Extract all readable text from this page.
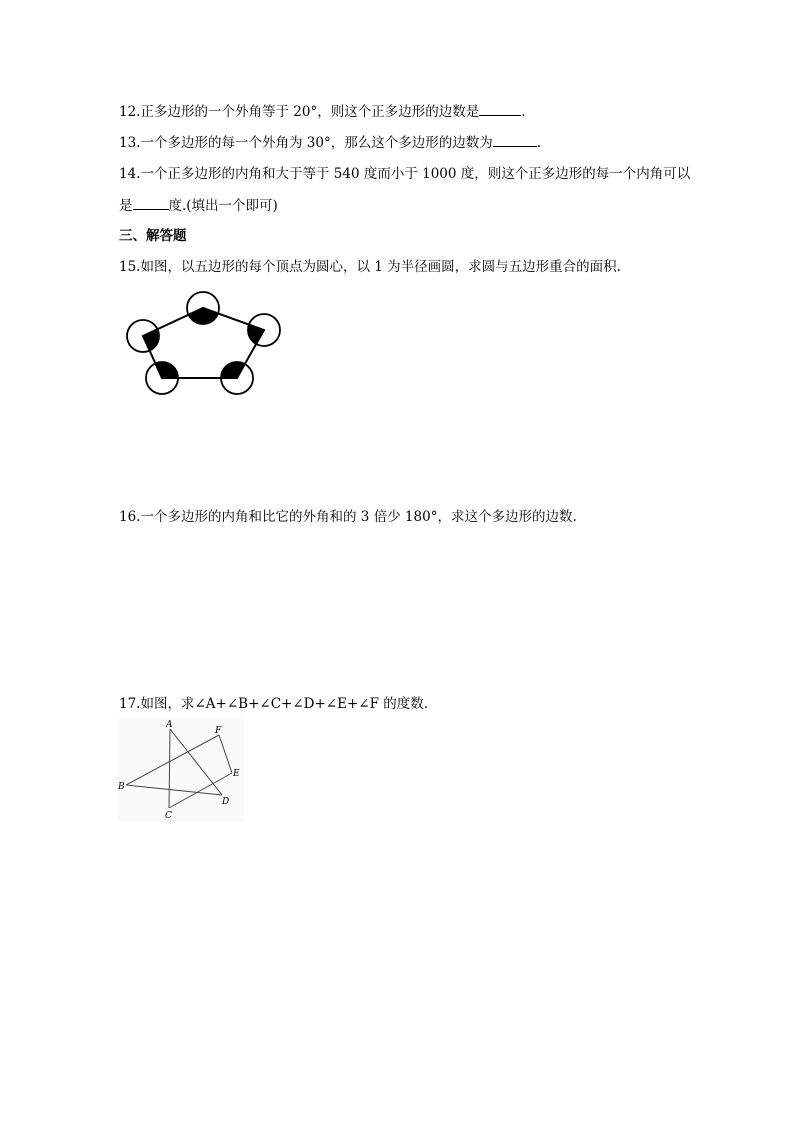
12.正多边形的一个外角等于 20°，则这个正多边形的边数是	.
13.一个多边形的每一个外角为 30°，那么这个多边形的边数为	.
14.一个正多边形的内角和大于等于 540 度而小于 1000 度，则这个正多边形的每一个内角可以
是	度.(填出一个即可)
三、解答题
15.如图，以五边形的每个顶点为圆心，以 1 为半径画圆，求圆与五边形重合的面积.
16.一个多边形的内角和比它的外角和的 3 倍少 180°，求这个多边形的边数.
17.如图，求∠A+∠B+∠C+∠D+∠E+∠F 的度数.
A
B
C
D
E
F
